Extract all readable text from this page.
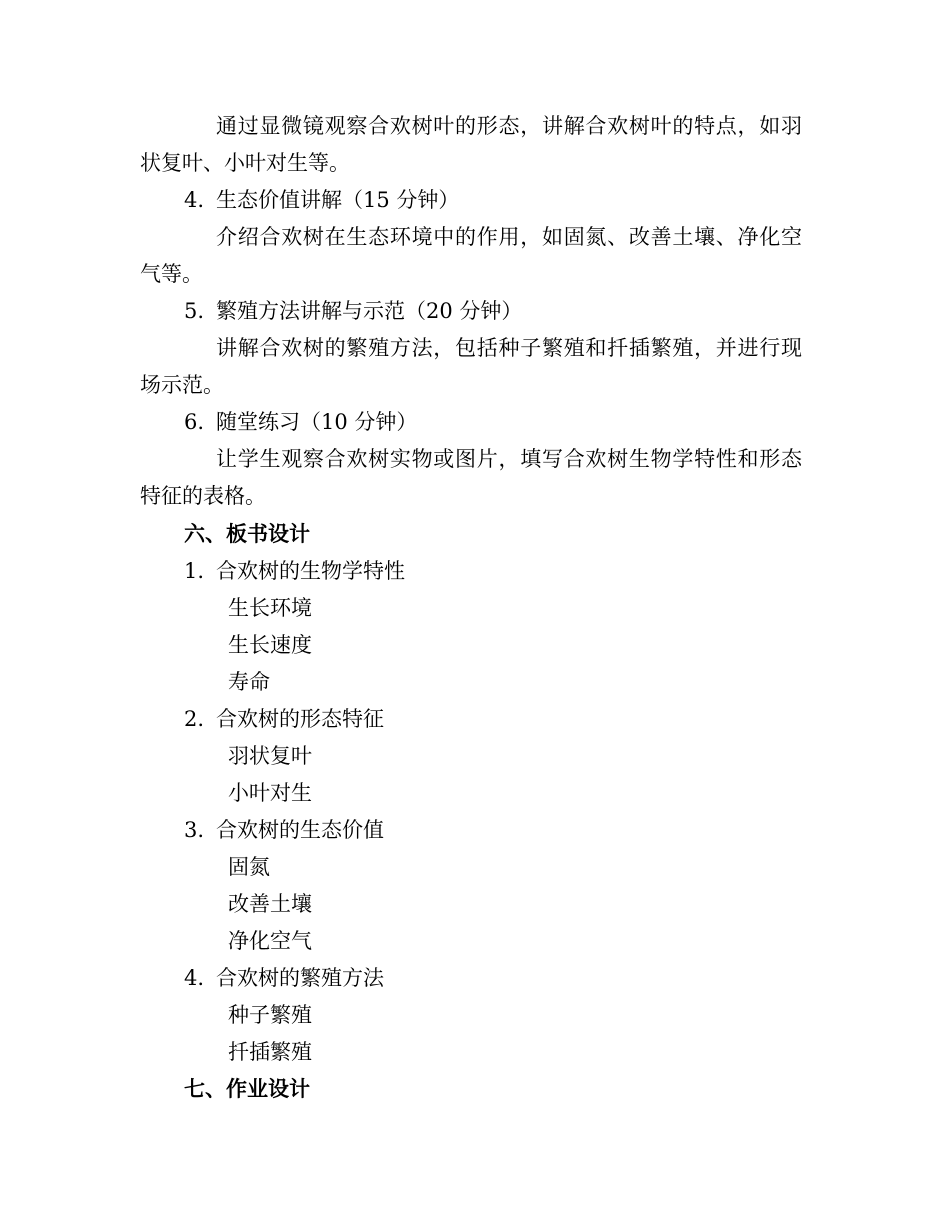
通过显微镜观察合欢树叶的形态，讲解合欢树叶的特点，如羽
状复叶、小叶对生等。
4. 生态价值讲解（15 分钟）
介绍合欢树在生态环境中的作用，如固氮、改善土壤、净化空
气等。
5. 繁殖方法讲解与示范（20 分钟）
讲解合欢树的繁殖方法，包括种子繁殖和扦插繁殖，并进行现
场示范。
6. 随堂练习（10 分钟）
让学生观察合欢树实物或图片，填写合欢树生物学特性和形态
特征的表格。
六、板书设计
1. 合欢树的生物学特性
生长环境
生长速度
寿命
2. 合欢树的形态特征
羽状复叶
小叶对生
3. 合欢树的生态价值
固氮
改善土壤
净化空气
4. 合欢树的繁殖方法
种子繁殖
扦插繁殖
七、作业设计
